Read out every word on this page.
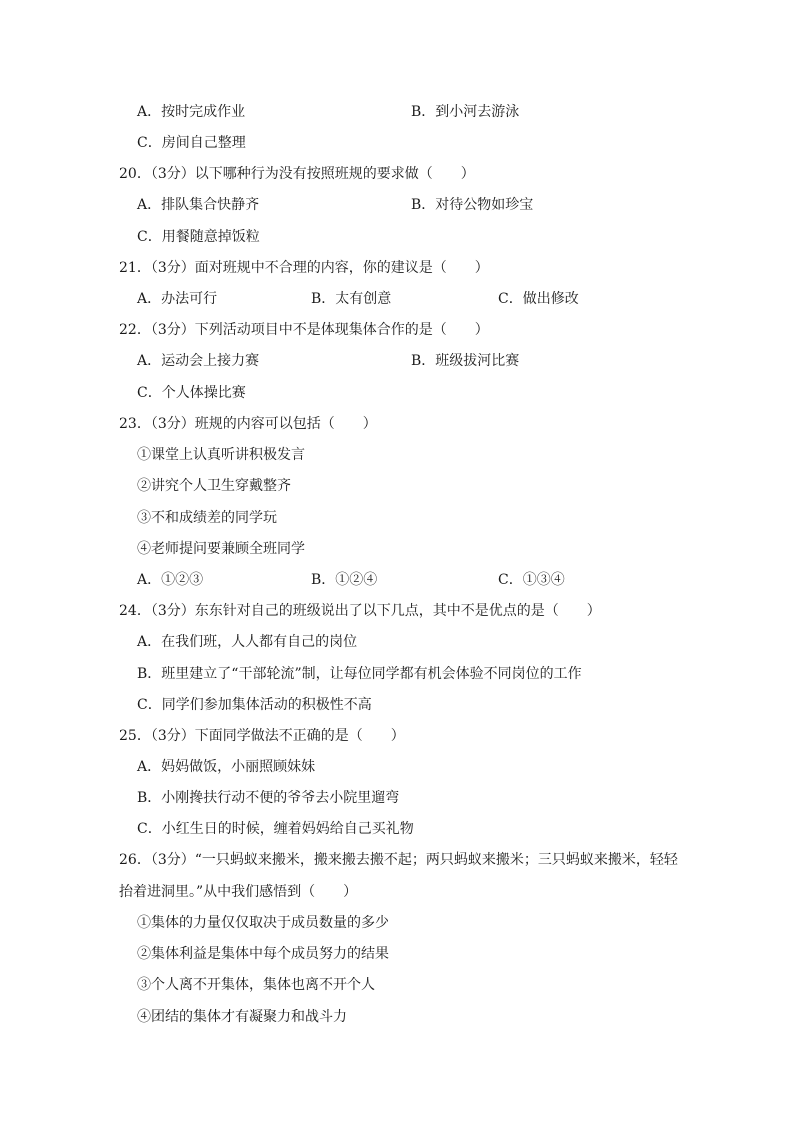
A．按时完成作业	B．到小河去游泳
C．房间自己整理
20．（3分）以下哪种行为没有按照班规的要求做（　　）
A．排队集合快静齐	B．对待公物如珍宝
C．用餐随意掉饭粒
21．（3分）面对班规中不合理的内容，你的建议是（　　）
A．办法可行	B．太有创意	C．做出修改
22．（3分）下列活动项目中不是体现集体合作的是（　　）
A．运动会上接力赛	B．班级拔河比赛
C．个人体操比赛
23．（3分）班规的内容可以包括（　　）
①课堂上认真听讲积极发言
②讲究个人卫生穿戴整齐
③不和成绩差的同学玩
④老师提问要兼顾全班同学
A．①②③	B．①②④	C．①③④
24．（3分）东东针对自己的班级说出了以下几点，其中不是优点的是（　　）
A．在我们班，人人都有自己的岗位
B．班里建立了“干部轮流”制，让每位同学都有机会体验不同岗位的工作
C．同学们参加集体活动的积极性不高
25．（3分）下面同学做法不正确的是（　　）
A．妈妈做饭，小丽照顾妹妹
B．小刚搀扶行动不便的爷爷去小院里遛弯
C．小红生日的时候，缠着妈妈给自己买礼物
26．（3分）“一只蚂蚁来搬米，搬来搬去搬不起；两只蚂蚁来搬米；三只蚂蚁来搬米，轻轻
抬着进洞里。”从中我们感悟到（　　）
①集体的力量仅仅取决于成员数量的多少
②集体利益是集体中每个成员努力的结果
③个人离不开集体，集体也离不开个人
④团结的集体才有凝聚力和战斗力
